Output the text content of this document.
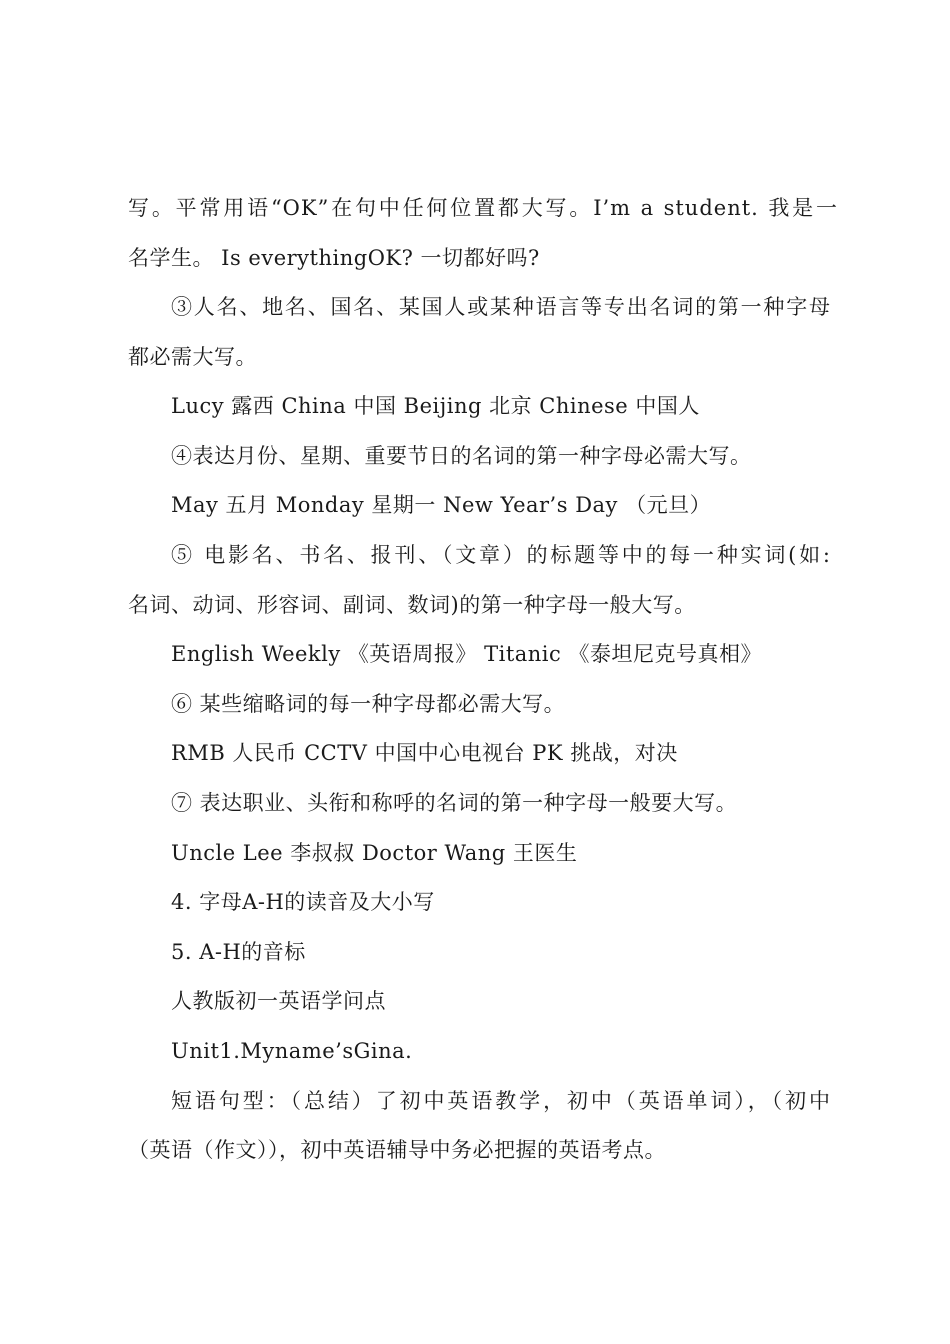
写。平常用语“OK”在句中任何位置都大写。I’m a student. 我是一
名学生。 Is everythingOK? 一切都好吗?
③人名、地名、国名、某国人或某种语言等专出名词的第一种字母
都必需大写。
Lucy 露西 China 中国 Beijing 北京 Chinese 中国人
④表达月份、星期、重要节日的名词的第一种字母必需大写。
May 五月 Monday 星期一 New Year’s Day （元旦）
⑤ 电影名、书名、报刊、（文章）的标题等中的每一种实词(如:
名词、动词、形容词、副词、数词)的第一种字母一般大写。
English Weekly 《英语周报》 Titanic 《泰坦尼克号真相》
⑥ 某些缩略词的每一种字母都必需大写。
RMB 人民币 CCTV 中国中心电视台 PK 挑战，对决
⑦ 表达职业、头衔和称呼的名词的第一种字母一般要大写。
Uncle Lee 李叔叔 Doctor Wang 王医生
4. 字母A-H的读音及大小写
5. A-H的音标
人教版初一英语学问点
Unit1.Myname’sGina.
短语句型：（总结）了初中英语教学，初中（英语单词），（初中
（英语（作文）），初中英语辅导中务必把握的英语考点。
